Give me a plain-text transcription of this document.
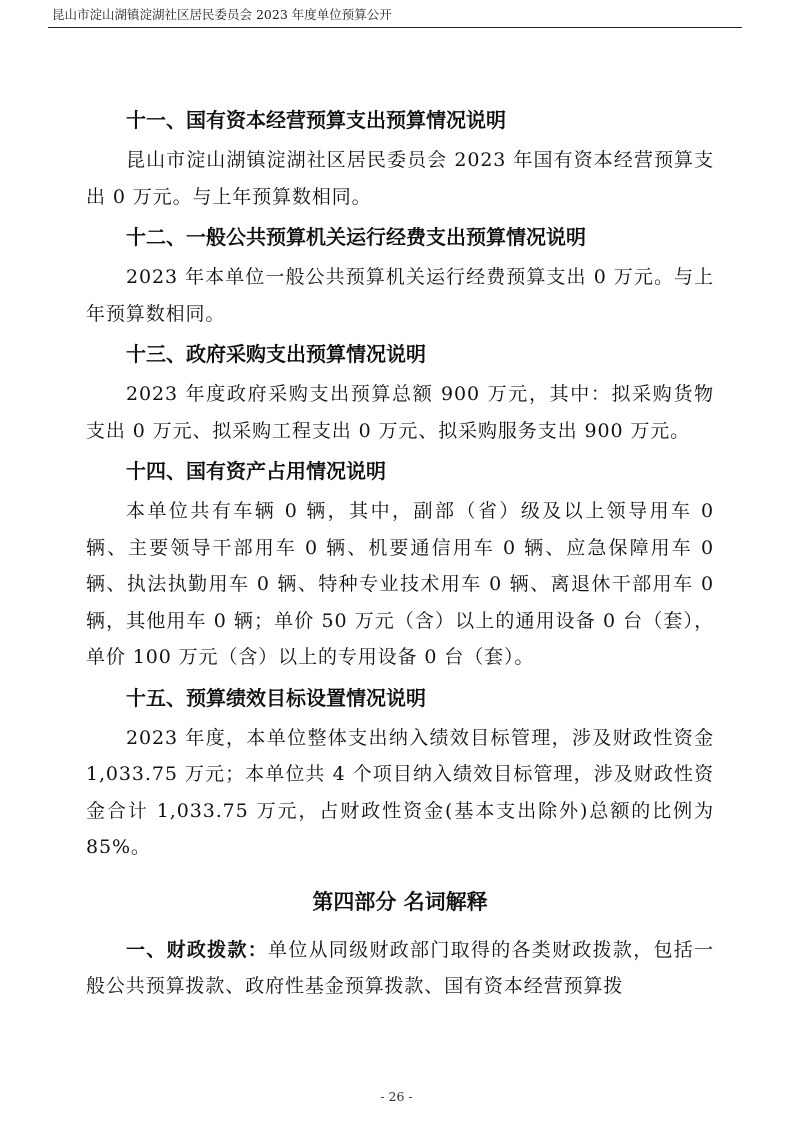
昆山市淀山湖镇淀湖社区居民委员会 2023 年度单位预算公开
十一、国有资本经营预算支出预算情况说明

昆山市淀山湖镇淀湖社区居民委员会 2023 年国有资本经营预算支出 0 万元。与上年预算数相同。

十二、一般公共预算机关运行经费支出预算情况说明

2023 年本单位一般公共预算机关运行经费预算支出 0 万元。与上年预算数相同。

十三、政府采购支出预算情况说明

2023 年度政府采购支出预算总额 900 万元，其中：拟采购货物支出 0 万元、拟采购工程支出 0 万元、拟采购服务支出 900 万元。

十四、国有资产占用情况说明

本单位共有车辆 0 辆，其中，副部（省）级及以上领导用车 0 辆、主要领导干部用车 0 辆、机要通信用车 0 辆、应急保障用车 0 辆、执法执勤用车 0 辆、特种专业技术用车 0 辆、离退休干部用车 0 辆，其他用车 0 辆；单价 50 万元（含）以上的通用设备 0 台（套），单价 100 万元（含）以上的专用设备 0 台（套）。

十五、预算绩效目标设置情况说明

2023 年度，本单位整体支出纳入绩效目标管理，涉及财政性资金 1,033.75 万元；本单位共 4 个项目纳入绩效目标管理，涉及财政性资金合计 1,033.75 万元，占财政性资金(基本支出除外)总额的比例为 85%。

第四部分 名词解释

一、财政拨款：单位从同级财政部门取得的各类财政拨款，包括一般公共预算拨款、政府性基金预算拨款、国有资本经营预算拨

- 26 -
